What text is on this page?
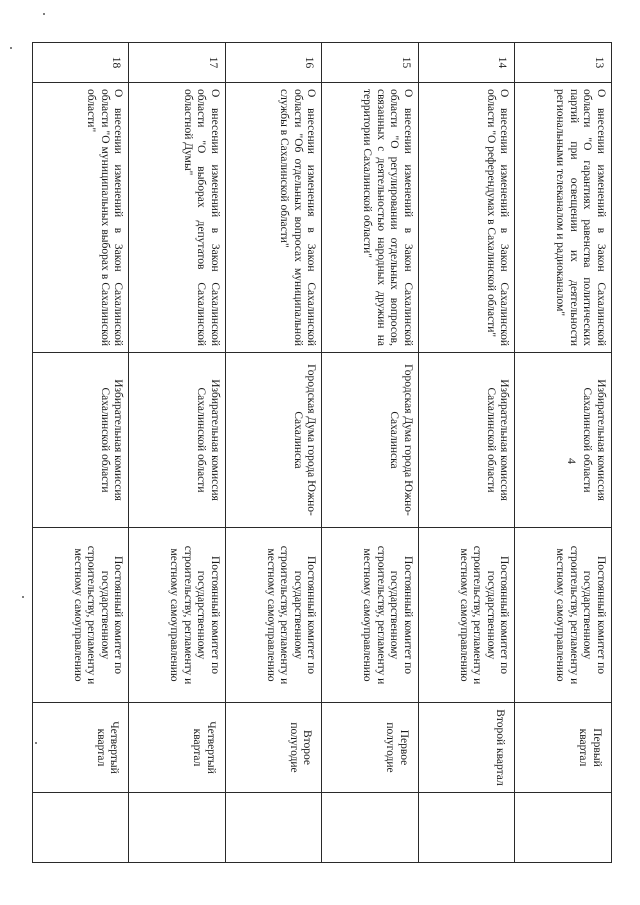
13	О внесении изменений в Закон Сахалинской области "О гарантиях равенства политических партий при освещении их деятельности региональными телеканалом и радиоканалом"	Избирательная комиссия Сахалинской области	Постоянный комитет по государственному строительству, регламенту и местному самоуправлению	Первый квартал	
14	О внесении изменений в Закон Сахалинской области "О референдумах в Сахалинской области"	Избирательная комиссия Сахалинской области	Постоянный комитет по государственному строительству, регламенту и местному самоуправлению	Второй квартал	
15	О внесении изменений в Закон Сахалинской области "О регулировании отдельных вопросов, связанных с деятельностью народных дружин на территории Сахалинской области"	Городская Дума города Южно-Сахалинска	Постоянный комитет по государственному строительству, регламенту и местному самоуправлению	Первое полугодие	
16	О внесении изменения в Закон Сахалинской области "Об отдельных вопросах муниципальной службы в Сахалинской области"	Городская Дума города Южно-Сахалинска	Постоянный комитет по государственному строительству, регламенту и местному самоуправлению	Второе полугодие	
17	О внесении изменений в Закон Сахалинской области "О выборах депутатов Сахалинской областной Думы"	Избирательная комиссия Сахалинской области	Постоянный комитет по государственному строительству, регламенту и местному самоуправлению	Четвертый квартал	
18	О внесении изменений в Закон Сахалинской области "О муниципальных выборах в Сахалинской области"	Избирательная комиссия Сахалинской области	Постоянный комитет по государственному строительству, регламенту и местному самоуправлению	Четвертый квартал	
4
